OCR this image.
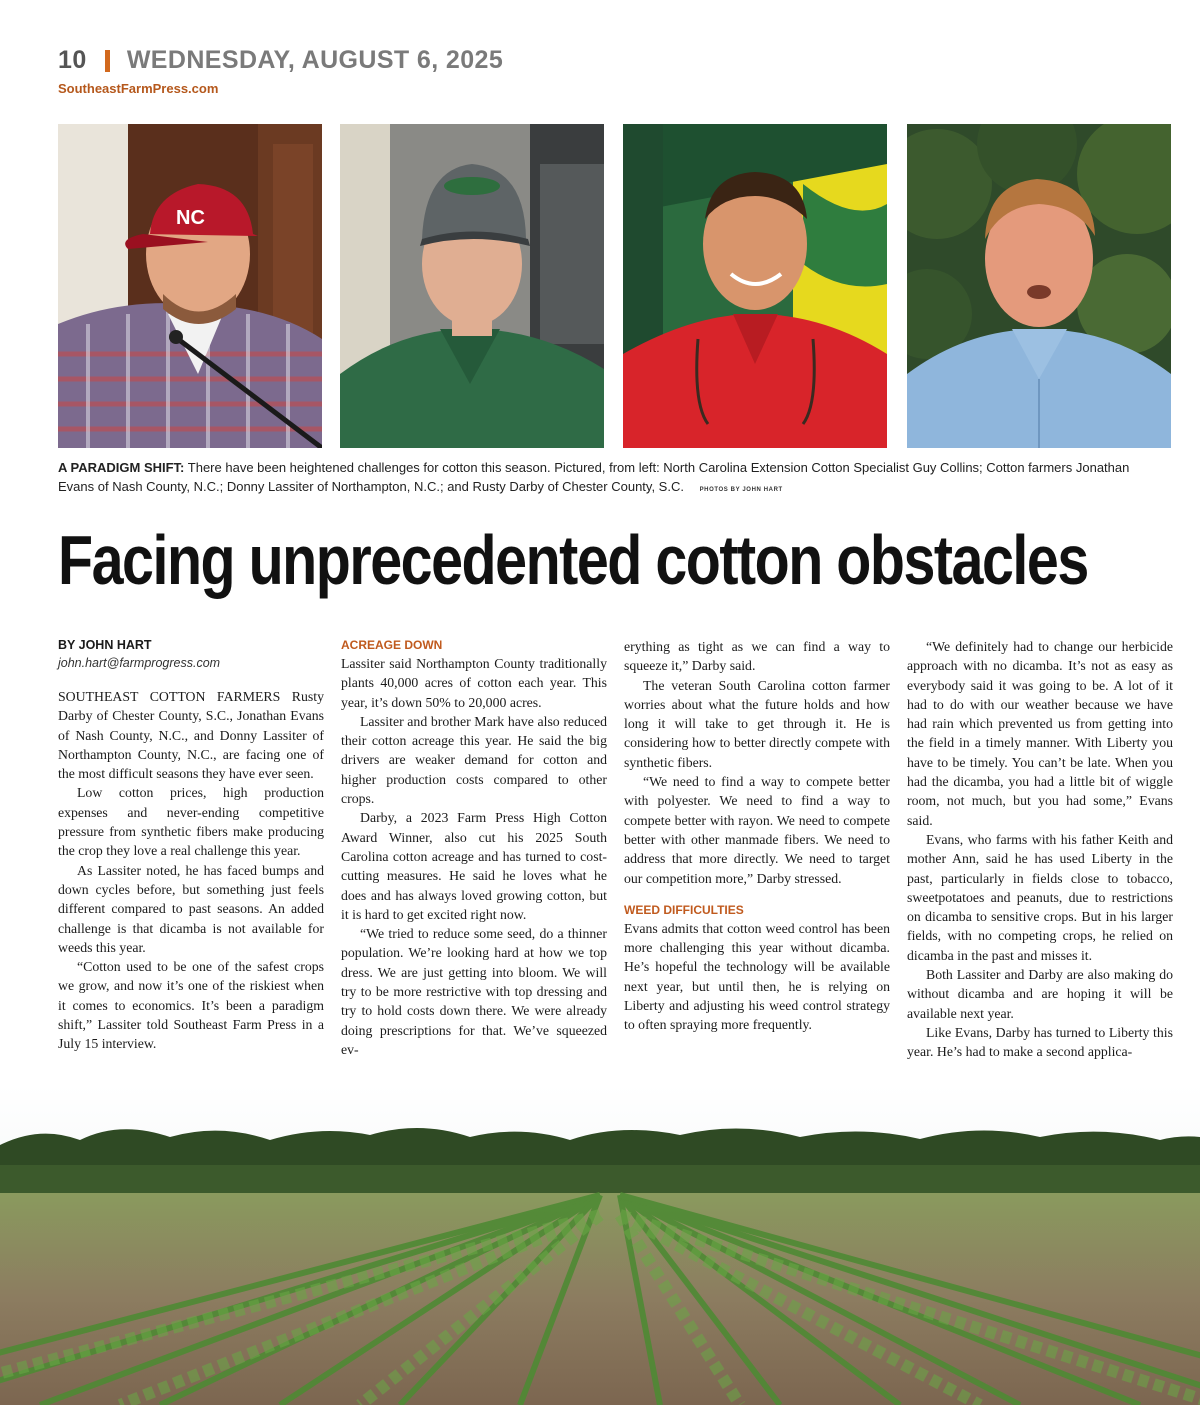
10 WEDNESDAY, AUGUST 6, 2025
SoutheastFarmPress.com
NC
A PARADIGM SHIFT: There have been heightened challenges for cotton this season. Pictured, from left: North Carolina Extension Cotton Specialist Guy Collins; Cotton farmers Jonathan Evans of Nash County, N.C.; Donny Lassiter of Northampton, N.C.; and Rusty Darby of Chester County, S.C.	PHOTOS BY JOHN HART
Facing unprecedented cotton obstacles
BY JOHN HART
john.hart@farmprogress.com

SOUTHEAST COTTON FARMERS Rusty Darby of Chester County, S.C., Jonathan Evans of Nash County, N.C., and Donny Lassiter of Northampton County, N.C., are facing one of the most difficult seasons they have ever seen.

Low cotton prices, high production expenses and never-ending competitive pressure from synthetic fibers make producing the crop they love a real challenge this year.

As Lassiter noted, he has faced bumps and down cycles before, but something just feels different compared to past seasons. An added challenge is that dicamba is not available for weeds this year.

“Cotton used to be one of the safest crops we grow, and now it’s one of the riskiest when it comes to economics. It’s been a paradigm shift,” Lassiter told Southeast Farm Press in a July 15 interview.

ACREAGE DOWN

Lassiter said Northampton County traditionally plants 40,000 acres of cotton each year. This year, it’s down 50% to 20,000 acres.

Lassiter and brother Mark have also reduced their cotton acreage this year. He said the big drivers are weaker demand for cotton and higher production costs compared to other crops.

Darby, a 2023 Farm Press High Cotton Award Winner, also cut his 2025 South Carolina cotton acreage and has turned to cost-cutting measures. He said he loves what he does and has always loved growing cotton, but it is hard to get excited right now.

“We tried to reduce some seed, do a thinner population. We’re looking hard at how we top dress. We are just getting into bloom. We will try to be more restrictive with top dressing and try to hold costs down there. We were already doing prescriptions for that. We’ve squeezed ev-

erything as tight as we can find a way to squeeze it,” Darby said.

The veteran South Carolina cotton farmer worries about what the future holds and how long it will take to get through it. He is considering how to better directly compete with synthetic fibers.

“We need to find a way to compete better with polyester. We need to find a way to compete better with rayon. We need to compete better with other manmade fibers. We need to address that more directly. We need to target our competition more,” Darby stressed.

WEED DIFFICULTIES

Evans admits that cotton weed control has been more challenging this year without dicamba. He’s hopeful the technology will be available next year, but until then, he is relying on Liberty and adjusting his weed control strategy to often spraying more frequently.

“We definitely had to change our herbicide approach with no dicamba. It’s not as easy as everybody said it was going to be. A lot of it had to do with our weather because we have had rain which prevented us from getting into the field in a timely manner. With Liberty you have to be timely. You can’t be late. When you had the dicamba, you had a little bit of wiggle room, not much, but you had some,” Evans said.

Evans, who farms with his father Keith and mother Ann, said he has used Liberty in the past, particularly in fields close to tobacco, sweetpotatoes and peanuts, due to restrictions on dicamba to sensitive crops. But in his larger fields, with no competing crops, he relied on dicamba in the past and misses it.

Both Lassiter and Darby are also making do without dicamba and are hoping it will be available next year.

Like Evans, Darby has turned to Liberty this year. He’s had to make a second applica-
